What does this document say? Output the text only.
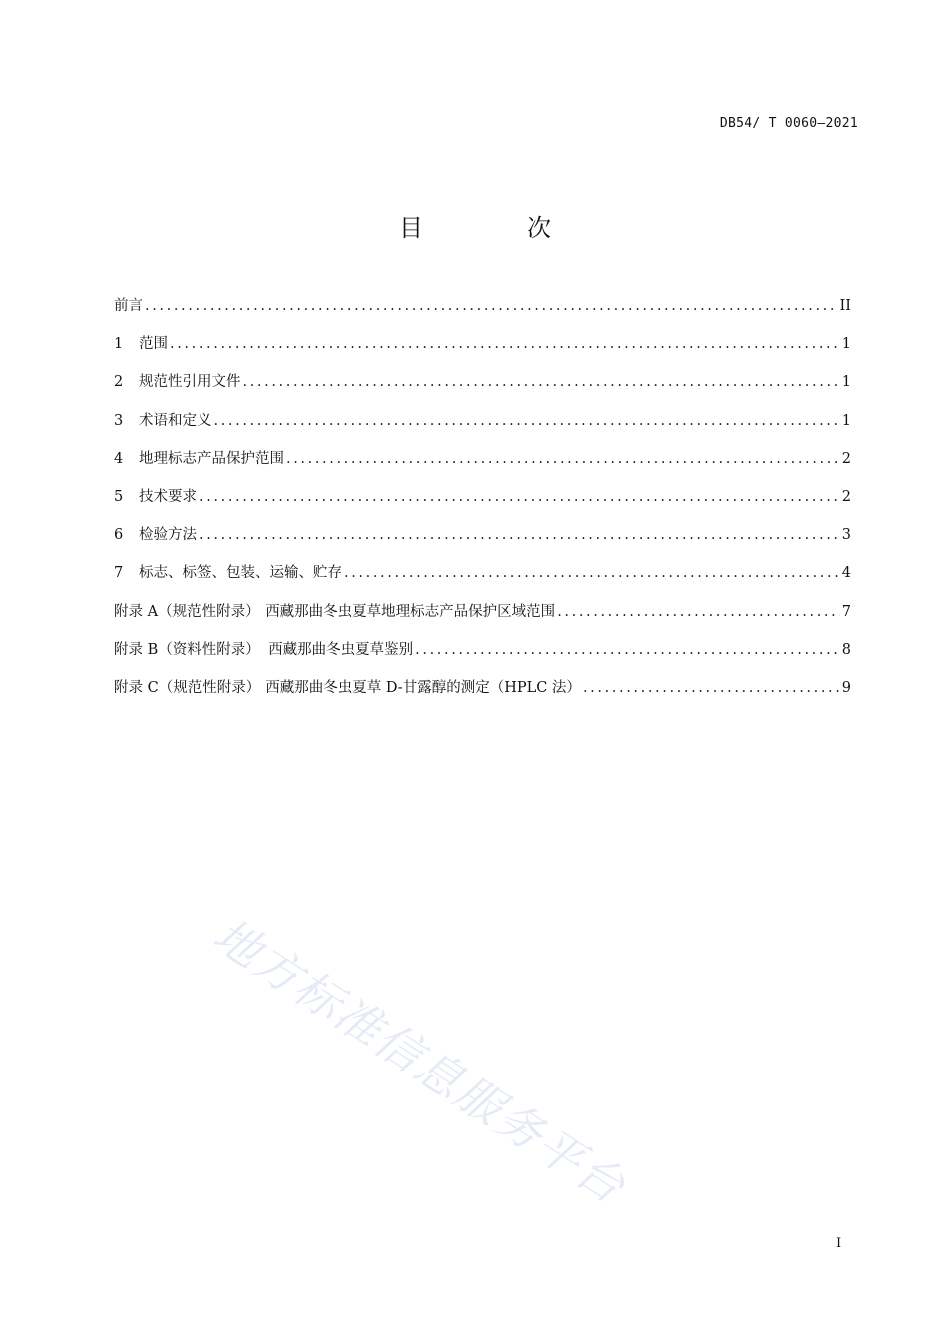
DB54/ T 0060—2021
目　次
前言 .....	II
1	范围 .....	1
2	规范性引用文件 .....	1
3	术语和定义 .....	1
4	地理标志产品保护范围 .....	2
5	技术要求 .....	2
6	检验方法 .....	3
7	标志、标签、包装、运输、贮存 .....	4
附录 A（规范性附录） 西藏那曲冬虫夏草地理标志产品保护区域范围 .....	7
附录 B（资料性附录） 西藏那曲冬虫夏草鉴别 .....	8
附录 C（规范性附录） 西藏那曲冬虫夏草 D-甘露醇的测定（HPLC 法） .....	9
地方标准信息服务平台
I
